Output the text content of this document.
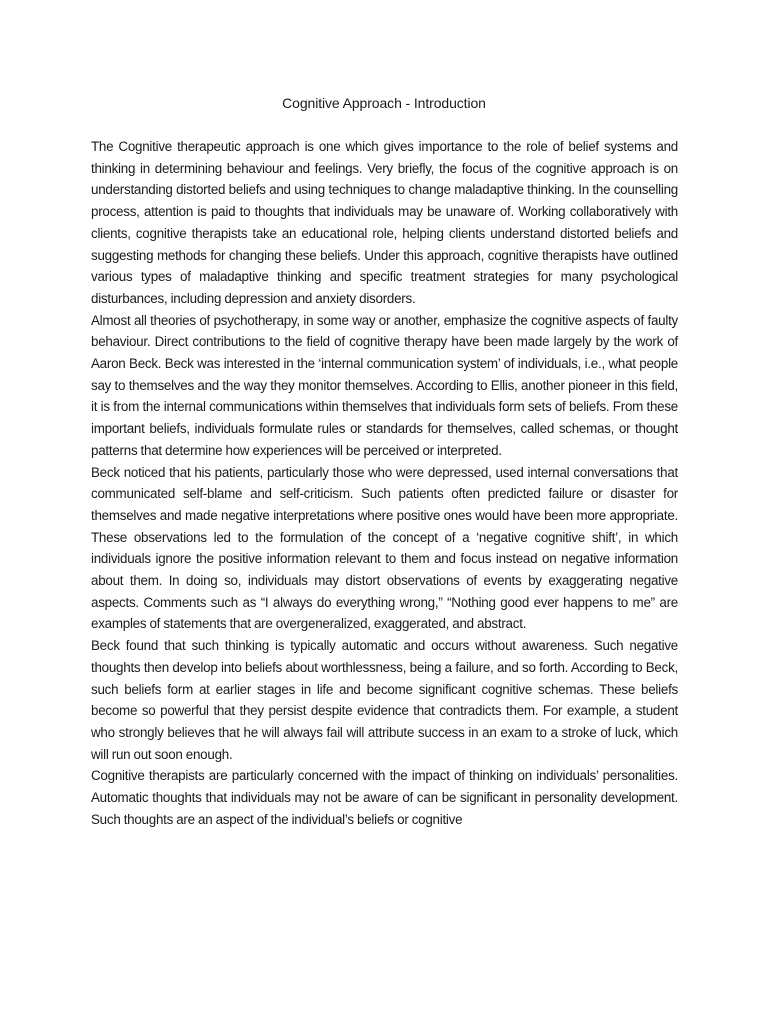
Cognitive Approach - Introduction

The Cognitive therapeutic approach is one which gives importance to the role of belief systems and thinking in determining behaviour and feelings. Very briefly, the focus of the cognitive approach is on understanding distorted beliefs and using techniques to change maladaptive thinking. In the counselling process, attention is paid to thoughts that individuals may be unaware of. Working collaboratively with clients, cognitive therapists take an educational role, helping clients understand distorted beliefs and suggesting methods for changing these beliefs. Under this approach, cognitive therapists have outlined various types of maladaptive thinking and specific treatment strategies for many psychological disturbances, including depression and anxiety disorders.

Almost all theories of psychotherapy, in some way or another, emphasize the cognitive aspects of faulty behaviour. Direct contributions to the field of cognitive therapy have been made largely by the work of Aaron Beck. Beck was interested in the ‘internal communication system’ of individuals, i.e., what people say to themselves and the way they monitor themselves. According to Ellis, another pioneer in this field, it is from the internal communications within themselves that individuals form sets of beliefs. From these important beliefs, individuals formulate rules or standards for themselves, called schemas, or thought patterns that determine how experiences will be perceived or interpreted.

Beck noticed that his patients, particularly those who were depressed, used internal conversations that communicated self-blame and self-criticism. Such patients often predicted failure or disaster for themselves and made negative interpretations where positive ones would have been more appropriate. These observations led to the formulation of the concept of a ‘negative cognitive shift’, in which individuals ignore the positive information relevant to them and focus instead on negative information about them. In doing so, individuals may distort observations of events by exaggerating negative aspects. Comments such as “I always do everything wrong,” “Nothing good ever happens to me” are examples of statements that are overgeneralized, exaggerated, and abstract.

Beck found that such thinking is typically automatic and occurs without awareness. Such negative thoughts then develop into beliefs about worthlessness, being a failure, and so forth. According to Beck, such beliefs form at earlier stages in life and become significant cognitive schemas. These beliefs become so powerful that they persist despite evidence that contradicts them. For example, a student who strongly believes that he will always fail will attribute success in an exam to a stroke of luck, which will run out soon enough.

Cognitive therapists are particularly concerned with the impact of thinking on individuals’ personalities. Automatic thoughts that individuals may not be aware of can be significant in personality development. Such thoughts are an aspect of the individual’s beliefs or cognitive
